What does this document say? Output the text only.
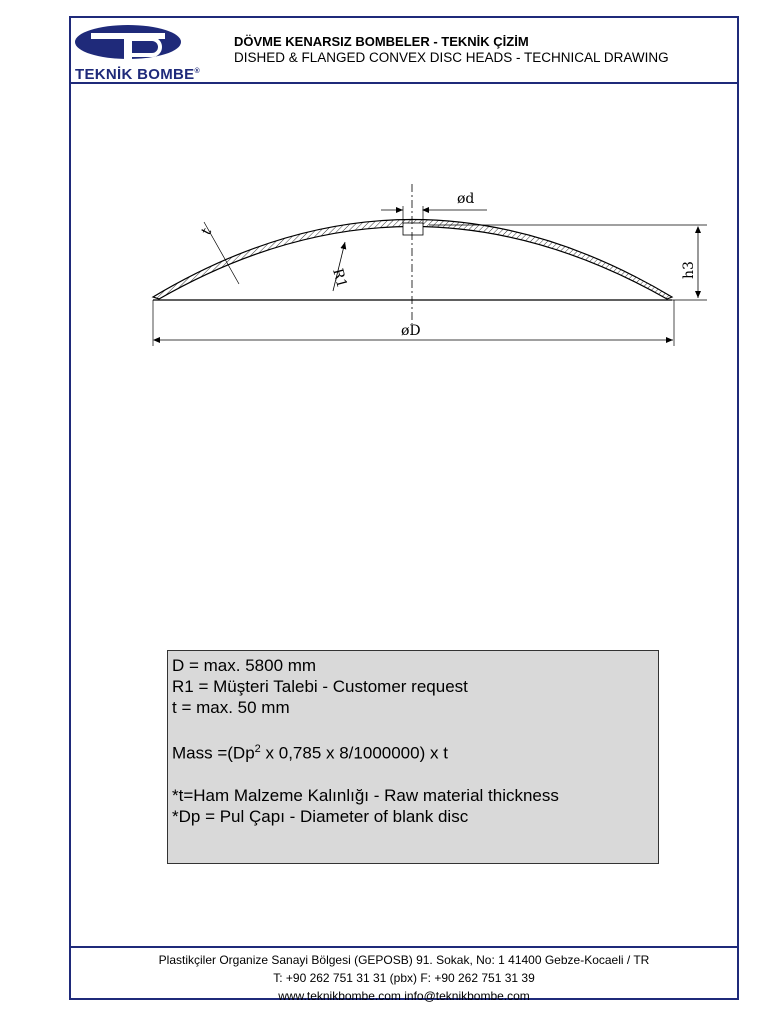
TEKNİK BOMBE®
DÖVME KENARSIZ BOMBELER - TEKNİK ÇİZİM
DISHED & FLANGED CONVEX DISC HEADS - TECHNICAL DRAWING
ød
t
R1	h3
øD
D = max. 5800 mm
R1 = Müşteri Talebi - Customer request
t = max. 50 mm
Mass $=(Dp^2$ x 0,785 x 8/1000000) x t
*t=Ham Malzeme Kalınlığı - Raw material thickness
*Dp = Pul Çapı - Diameter of blank disc
Plastikçiler Organize Sanayi Bölgesi (GEPOSB) 91. Sokak, No: 1 41400 Gebze-Kocaeli / TR
T: +90 262 751 31 31 (pbx) F: +90 262 751 31 39
www.teknikbombe.com info@teknikbombe.com
